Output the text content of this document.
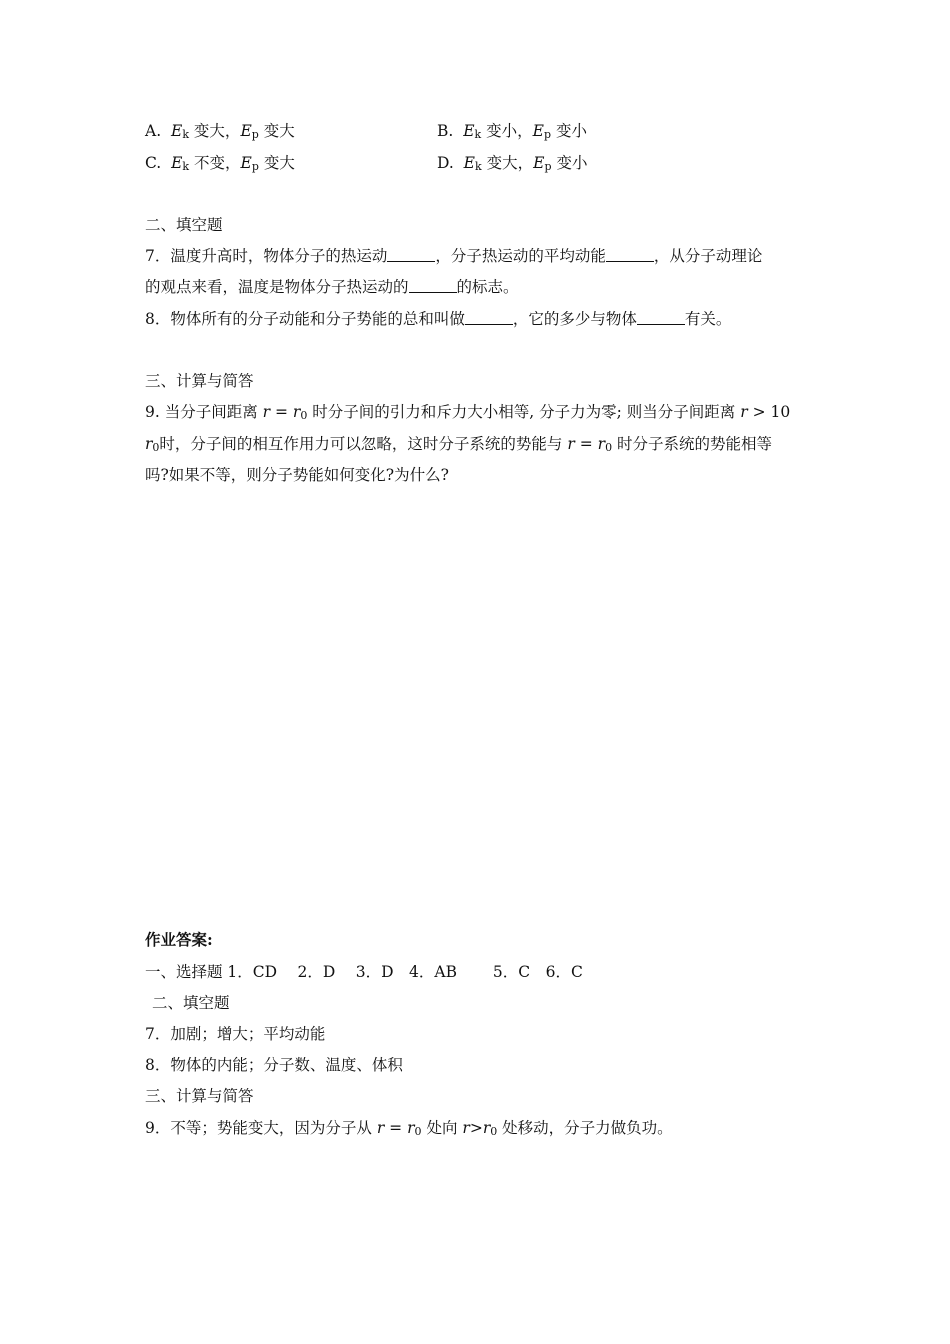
A. Ek 变大，Ep 变大	B. Ek 变小，Ep 变小
C. Ek 不变，Ep 变大	D. Ek 变大，Ep 变小
二、填空题
7．温度升高时，物体分子的热运动	，分子热运动的平均动能	，从分子动理论
的观点来看，温度是物体分子热运动的	的标志。
8．物体所有的分子动能和分子势能的总和叫做	，它的多少与物体	有关。
三、计算与简答
9. 当分子间距离 r = r0 时分子间的引力和斥力大小相等, 分子力为零; 则当分子间距离 r > 10
r0时，分子间的相互作用力可以忽略，这时分子系统的势能与 r = r0 时分子系统的势能相等
吗?如果不等，则分子势能如何变化?为什么?
作业答案:
一、选择题 1．CD　 2．D　 3．D　4．AB　　 5．C　6．C
二、填空题
7．加剧；增大；平均动能
8．物体的内能；分子数、温度、体积
三、计算与简答
9．不等；势能变大，因为分子从 r = r0 处向 r>r0 处移动，分子力做负功。
